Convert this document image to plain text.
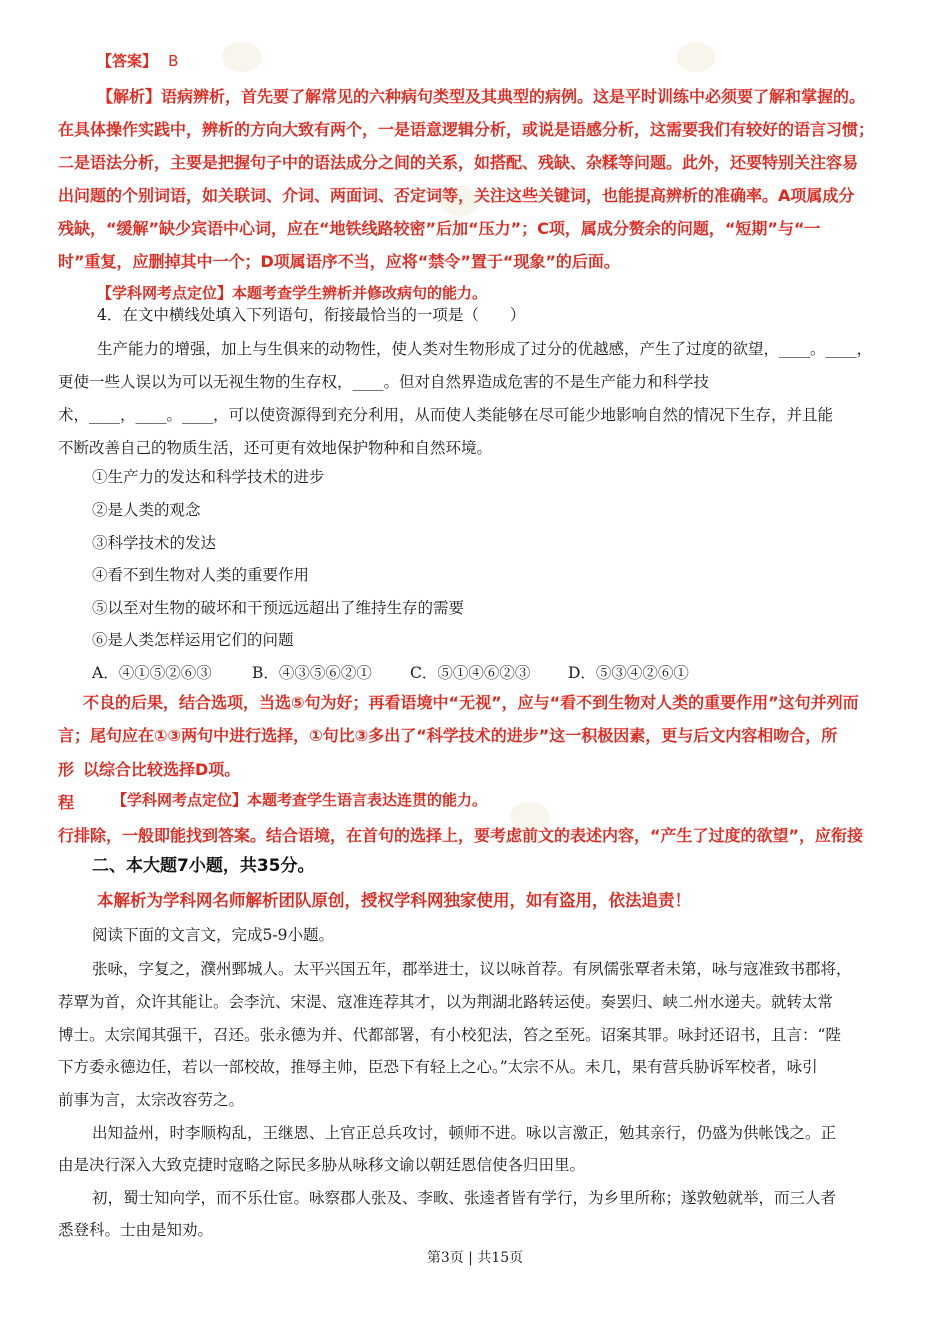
【答案】 B
【解析】语病辨析，首先要了解常见的六种病句类型及其典型的病例。这是平时训练中必须要了解和掌握的。
在具体操作实践中，辨析的方向大致有两个，一是语意逻辑分析，或说是语感分析，这需要我们有较好的语言习惯；
二是语法分析，主要是把握句子中的语法成分之间的关系，如搭配、残缺、杂糅等问题。此外，还要特别关注容易
出问题的个别词语，如关联词、介词、两面词、否定词等，关注这些关键词，也能提高辨析的准确率。A项属成分
残缺，“缓解”缺少宾语中心词，应在“地铁线路较密”后加“压力”；C项，属成分赘余的问题，“短期”与“一
时”重复，应删掉其中一个；D项属语序不当，应将“禁令”置于“现象”的后面。
【学科网考点定位】本题考查学生辨析并修改病句的能力。
4．在文中横线处填入下列语句，衔接最恰当的一项是（　　）
生产能力的增强，加上与生俱来的动物性，使人类对生物形成了过分的优越感，产生了过度的欲望，____。____，
更使一些人误以为可以无视生物的生存权，____。但对自然界造成危害的不是生产能力和科学技
术，____，____。____，可以使资源得到充分利用，从而使人类能够在尽可能少地影响自然的情况下生存，并且能
不断改善自己的物质生活，还可更有效地保护物种和自然环境。
①生产力的发达和科学技术的进步
②是人类的观念
③科学技术的发达
④看不到生物对人类的重要作用
⑤以至对生物的破坏和干预远远超出了维持生存的需要
⑥是人类怎样运用它们的问题
A．④①⑤②⑥③	B．④③⑤⑥②① C．⑤①④⑥②③ D．⑤③④②⑥①
不良的后果，结合选项，当选⑤句为好；再看语境中“无视”，应与“看不到生物对人类的重要作用”这句并列而
言；尾句应在①③两句中进行选择，①句比③多出了“科学技术的进步”这一积极因素，更与后文内容相吻合，所
形 以综合比较选择D项。
程	【学科网考点定位】本题考查学生语言表达连贯的能力。
行排除，一般即能找到答案。结合语境，在首句的选择上，要考虑前文的表述内容，“产生了过度的欲望”，应衔接
二、本大题7小题，共35分。
本解析为学科网名师解析团队原创，授权学科网独家使用，如有盗用，依法追责！
阅读下面的文言文，完成5-9小题。
张咏，字复之，濮州鄄城人。太平兴国五年，郡举进士，议以咏首荐。有夙儒张覃者未第，咏与寇准致书郡将，
荐覃为首，众许其能让。会李沆、宋湜、寇准连荐其才，以为荆湖北路转运使。奏罢归、峡二州水递夫。就转太常
博士。太宗闻其强干，召还。张永德为并、代都部署，有小校犯法，笞之至死。诏案其罪。咏封还诏书，且言：“陛
下方委永德边任，若以一部校故，推辱主帅，臣恐下有轻上之心。”太宗不从。未几，果有营兵胁诉军校者，咏引
前事为言，太宗改容劳之。
出知益州，时李顺构乱，王继恩、上官正总兵攻讨，顿师不进。咏以言激正，勉其亲行，仍盛为供帐饯之。正
由是决行深入大致克捷时寇略之际民多胁从咏移文谕以朝廷恩信使各归田里。
初，蜀士知向学，而不乐仕宦。咏察郡人张及、李畋、张逵者皆有学行，为乡里所称；遂敦勉就举，而三人者
悉登科。士由是知劝。
第3页 | 共15页
